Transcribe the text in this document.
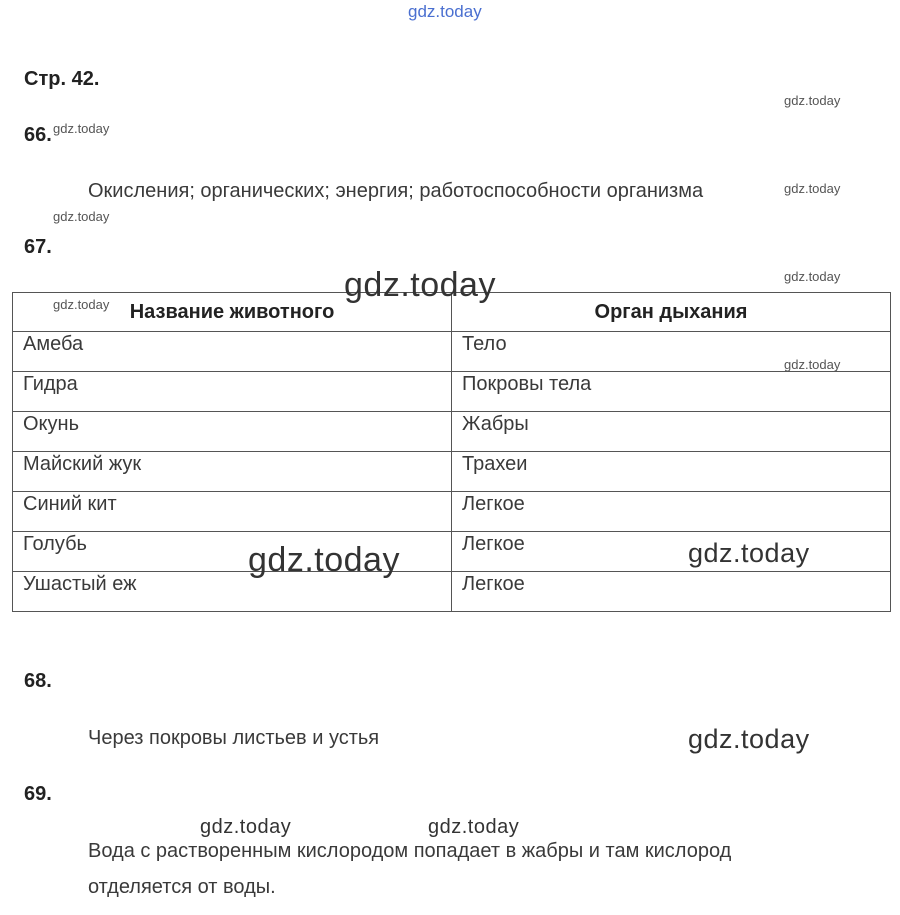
gdz.today
Стр. 42.
66.
Окисления; органических; энергия; работоспособности организма
67.
Название животного	Орган дыхания
Амеба	Тело
Гидра	Покровы тела
Окунь	Жабры
Майский жук	Трахеи
Синий кит	Легкое
Голубь	Легкое
Ушастый еж	Легкое
68.
Через покровы листьев и устья
69.
Вода с растворенным кислородом попадает в жабры и там кислород
отделяется от воды.
gdz.today
gdz.today
gdz.today
gdz.today
gdz.today
gdz.today
gdz.today
gdz.today
gdz.today	gdz.today
gdz.today
gdz.today	gdz.today
